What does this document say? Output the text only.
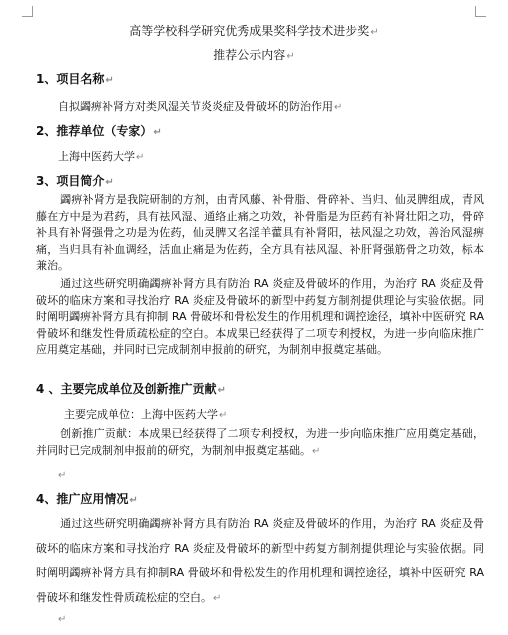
高等学校科学研究优秀成果奖科学技术进步奖↵
推荐公示内容↵
1、项目名称↵
自拟蠲痹补肾方对类风湿关节炎炎症及骨破坏的防治作用↵
2、推荐单位（专家）↵
上海中医药大学↵
3、项目简介↵
蠲痹补肾方是我院研制的方剂，由青风藤、补骨脂、骨碎补、当归、仙灵脾组成，青风藤在方中是为君药，具有祛风湿、通络止痛之功效，补骨脂是为臣药有补肾壮阳之功，骨碎补具有补肾强骨之功是为佐药，仙灵脾又名淫羊藿具有补肾阳，祛风湿之功效，善治风湿痹痛，当归具有补血调经，活血止痛是为佐药，全方具有祛风湿、补肝肾强筋骨之功效，标本兼治。
通过这些研究明确蠲痹补肾方具有防治 RA 炎症及骨破坏的作用，为治疗 RA 炎症及骨破坏的临床方案和寻找治疗 RA 炎症及骨破坏的新型中药复方制剂提供理论与实验依据。同时阐明蠲痹补肾方具有抑制 RA 骨破坏和骨松发生的作用机理和调控途径，填补中医研究 RA 骨破坏和继发性骨质疏松症的空白。本成果已经获得了二项专利授权，为进一步向临床推广应用奠定基础，并同时已完成制剂申报前的研究，为制剂申报奠定基础。
4 、主要完成单位及创新推广贡献↵
主要完成单位：上海中医药大学↵
创新推广贡献：本成果已经获得了二项专利授权，为进一步向临床推广应用奠定基础，并同时已完成制剂申报前的研究，为制剂申报奠定基础。↵
↵
4、推广应用情况↵
通过这些研究明确蠲痹补肾方具有防治 RA 炎症及骨破坏的作用，为治疗 RA 炎症及骨破坏的临床方案和寻找治疗 RA 炎症及骨破坏的新型中药复方制剂提供理论与实验依据。同时阐明蠲痹补肾方具有抑制RA 骨破坏和骨松发生的作用机理和调控途径，填补中医研究 RA 骨破坏和继发性骨质疏松症的空白。↵
↵
